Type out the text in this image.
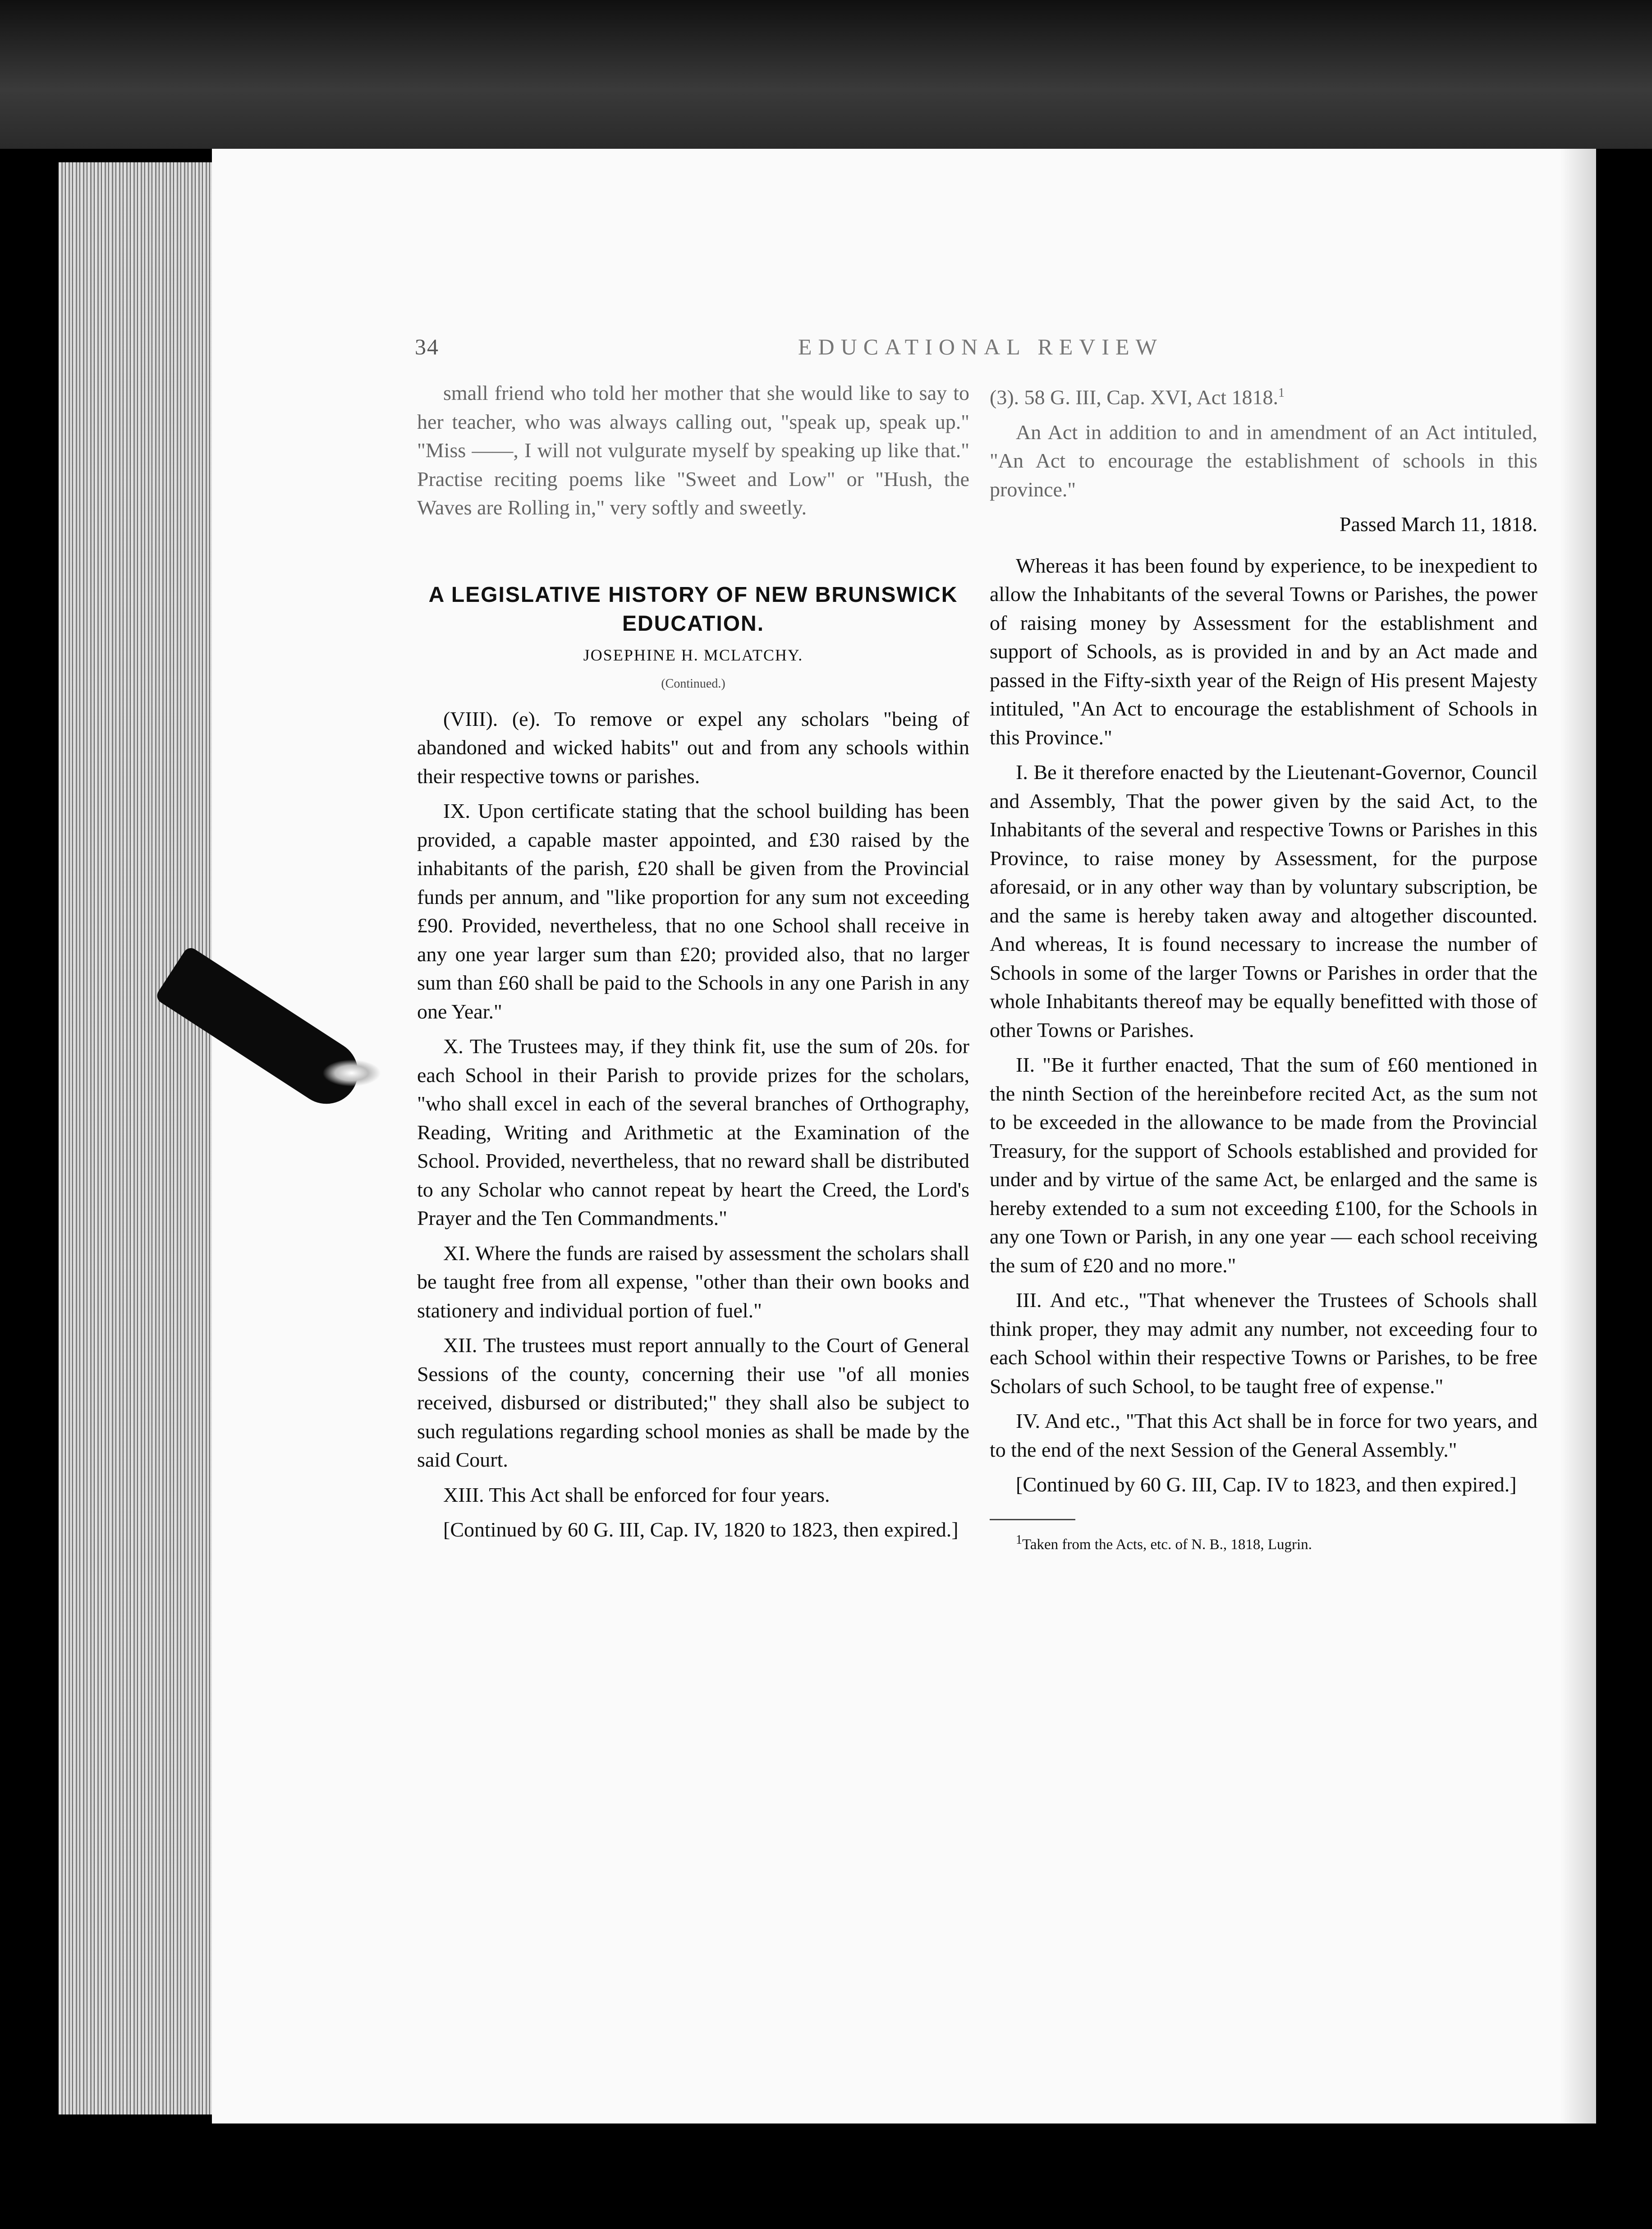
34	EDUCATIONAL REVIEW

small friend who told her mother that she would like to say to her teacher, who was always calling out, "speak up, speak up." "Miss ——, I will not vulgurate myself by speaking up like that." Practise reciting poems like "Sweet and Low" or "Hush, the Waves are Rolling in," very softly and sweetly.

A LEGISLATIVE HISTORY OF NEW BRUNSWICK EDUCATION.
JOSEPHINE H. MCLATCHY.
(Continued.)

(VIII). (e). To remove or expel any scholars "being of abandoned and wicked habits" out and from any schools within their respective towns or parishes.

IX. Upon certificate stating that the school building has been provided, a capable master appointed, and £30 raised by the inhabitants of the parish, £20 shall be given from the Provincial funds per annum, and "like proportion for any sum not exceeding £90. Provided, nevertheless, that no one School shall receive in any one year larger sum than £20; provided also, that no larger sum than £60 shall be paid to the Schools in any one Parish in any one Year."

X. The Trustees may, if they think fit, use the sum of 20s. for each School in their Parish to provide prizes for the scholars, "who shall excel in each of the several branches of Orthography, Reading, Writing and Arithmetic at the Examination of the School. Provided, nevertheless, that no reward shall be distributed to any Scholar who cannot repeat by heart the Creed, the Lord's Prayer and the Ten Commandments."

XI. Where the funds are raised by assessment the scholars shall be taught free from all expense, "other than their own books and stationery and individual portion of fuel."

XII. The trustees must report annually to the Court of General Sessions of the county, concerning their use "of all monies received, disbursed or distributed;" they shall also be subject to such regulations regarding school monies as shall be made by the said Court.

XIII. This Act shall be enforced for four years.

[Continued by 60 G. III, Cap. IV, 1820 to 1823, then expired.]

(3). 58 G. III, Cap. XVI, Act 1818.$^1$

An Act in addition to and in amendment of an Act intituled, "An Act to encourage the establishment of schools in this province."

Passed March 11, 1818.

Whereas it has been found by experience, to be inexpedient to allow the Inhabitants of the several Towns or Parishes, the power of raising money by Assessment for the establishment and support of Schools, as is provided in and by an Act made and passed in the Fifty-sixth year of the Reign of His present Majesty intituled, "An Act to encourage the establishment of Schools in this Province."

I. Be it therefore enacted by the Lieutenant-Governor, Council and Assembly, That the power given by the said Act, to the Inhabitants of the several and respective Towns or Parishes in this Province, to raise money by Assessment, for the purpose aforesaid, or in any other way than by voluntary subscription, be and the same is hereby taken away and altogether discounted. And whereas, It is found necessary to increase the number of Schools in some of the larger Towns or Parishes in order that the whole Inhabitants thereof may be equally benefitted with those of other Towns or Parishes.

II. "Be it further enacted, That the sum of £60 mentioned in the ninth Section of the hereinbefore recited Act, as the sum not to be exceeded in the allowance to be made from the Provincial Treasury, for the support of Schools established and provided for under and by virtue of the same Act, be enlarged and the same is hereby extended to a sum not exceeding £100, for the Schools in any one Town or Parish, in any one year — each school receiving the sum of £20 and no more."

III. And etc., "That whenever the Trustees of Schools shall think proper, they may admit any number, not exceeding four to each School within their respective Towns or Parishes, to be free Scholars of such School, to be taught free of expense."

IV. And etc., "That this Act shall be in force for two years, and to the end of the next Session of the General Assembly."

[Continued by 60 G. III, Cap. IV to 1823, and then expired.]

$^1$Taken from the Acts, etc. of N. B., 1818, Lugrin.
